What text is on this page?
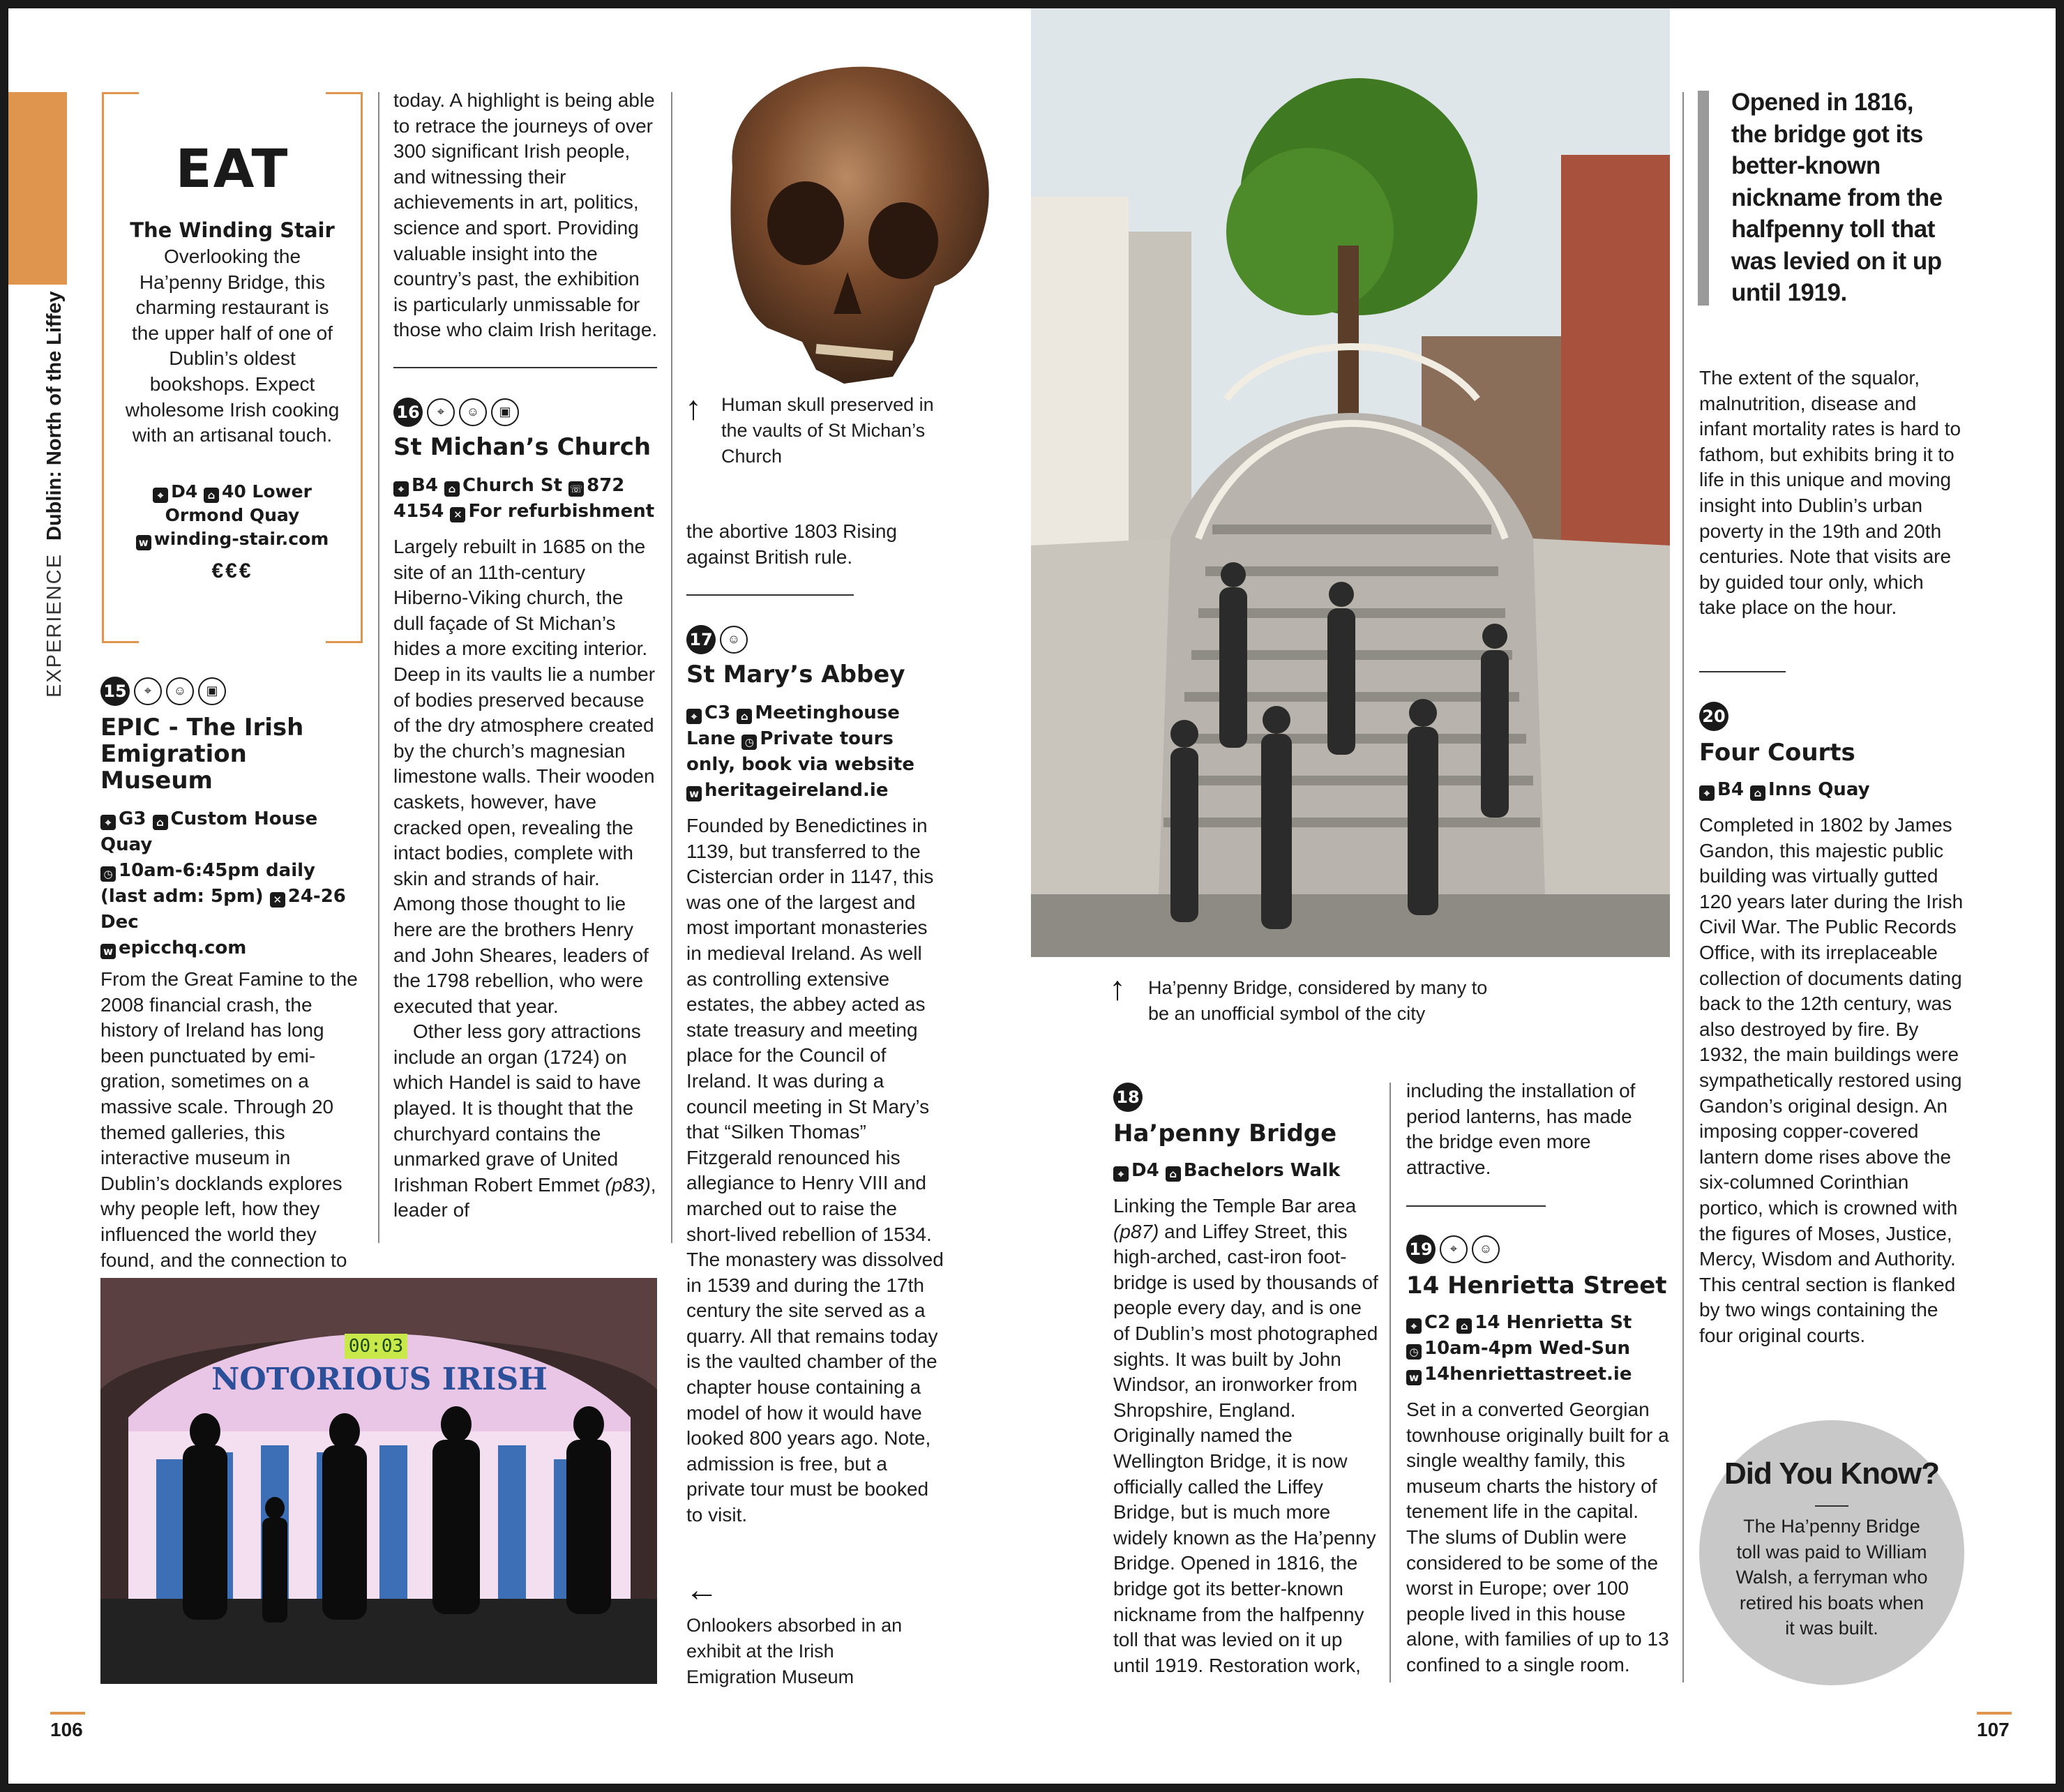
EXPERIENCE Dublin: North of the Liffey
EAT
The Winding Stair
Overlooking the Ha’penny Bridge, this charming restaurant is the upper half of one of Dublin’s oldest bookshops. Expect wholesome Irish cooking with an artisanal touch.
⌖ D4 ⌂ 40 Lower Ormond Quay
w winding-stair.com
€€€
15 ⌖ ☺ ▣
EPIC - The Irish Emigration Museum
⌖ G3 ⌂ Custom House Quay
◷ 10am-6:45pm daily (last adm: 5pm) ✕ 24-26 Dec
w epicchq.com
From the Great Famine to the 2008 financial crash, the history of Ireland has long been punctuated by emigration, sometimes on a massive scale. Through 20 themed galleries, this interactive museum in Dublin’s docklands explores why people left, how they influenced the world they found, and the connection to
today. A highlight is being able to retrace the journeys of over 300 significant Irish people, and witnessing their achievements in art, politics, science and sport. Providing valuable insight into the country’s past, the exhibition is particularly unmissable for those who claim Irish heritage.
16 ⌖ ☺ ▣
St Michan’s Church
⌖ B4 ⌂ Church St ☏ 872 4154 ✕ For refurbishment

Largely rebuilt in 1685 on the site of an 11th-century Hiberno-Viking church, the dull façade of St Michan’s hides a more exciting interior. Deep in its vaults lie a number of bodies preserved because of the dry atmosphere created by the church’s magnesian limestone walls. Their wooden caskets, however, have cracked open, revealing the intact bodies, complete with skin and strands of hair. Among those thought to lie here are the brothers Henry and John Sheares, leaders of the 1798 rebellion, who were executed that year.

Other less gory attractions include an organ (1724) on which Handel is said to have played. It is thought that the churchyard contains the unmarked grave of United Irishman Robert Emmet (p83), leader of

↑ Human skull preserved in the vaults of St Michan’s Church
the abortive 1803 Rising against British rule.
17 ☺
St Mary’s Abbey
⌖ C3 ⌂ Meetinghouse Lane ◷ Private tours only, book via website
w heritageireland.ie
Founded by Benedictines in 1139, but transferred to the Cistercian order in 1147, this was one of the largest and most important monasteries in medieval Ireland. As well as controlling extensive estates, the abbey acted as state treasury and meeting place for the Council of Ireland. It was during a council meeting in St Mary’s that “Silken Thomas” Fitzgerald renounced his allegiance to Henry VIII and marched out to raise the short-lived rebellion of 1534. The monastery was dissolved in 1539 and during the 17th century the site served as a quarry. All that remains today is the vaulted chamber of the chapter house containing a model of how it would have looked 800 years ago. Note, admission is free, but a private tour must be booked to visit.
00:03
NOTORIOUS IRISH
←
Onlookers absorbed in an exhibit at the Irish Emigration Museum
↑ Ha’penny Bridge, considered by many to be an unofficial symbol of the city
18
Ha’penny Bridge
⌖ D4 ⌂ Bachelors Walk
Linking the Temple Bar area (p87) and Liffey Street, this high-arched, cast-iron footbridge is used by thousands of people every day, and is one of Dublin’s most photographed sights. It was built by John Windsor, an ironworker from Shropshire, England. Originally named the Wellington Bridge, it is now officially called the Liffey Bridge, but is much more widely known as the Ha’penny Bridge. Opened in 1816, the bridge got its better-known nickname from the halfpenny toll that was levied on it up until 1919. Restoration work,
including the installation of period lanterns, has made the bridge even more attractive.
19 ⌖ ☺
14 Henrietta Street
⌖ C2 ⌂ 14 Henrietta St
◷ 10am-4pm Wed-Sun
w 14henriettastreet.ie
Set in a converted Georgian townhouse originally built for a single wealthy family, this museum charts the history of tenement life in the capital. The slums of Dublin were considered to be some of the worst in Europe; over 100 people lived in this house alone, with families of up to 13 confined to a single room.
Opened in 1816, the bridge got its better-known nickname from the halfpenny toll that was levied on it up until 1919.
The extent of the squalor, malnutrition, disease and infant mortality rates is hard to fathom, but exhibits bring it to life in this unique and moving insight into Dublin’s urban poverty in the 19th and 20th centuries. Note that visits are by guided tour only, which take place on the hour.
20
Four Courts
⌖ B4 ⌂ Inns Quay
Completed in 1802 by James Gandon, this majestic public building was virtually gutted 120 years later during the Irish Civil War. The Public Records Office, with its irreplaceable collection of documents dating back to the 12th century, was also destroyed by fire. By 1932, the main buildings were sympathetically restored using Gandon’s original design. An imposing copper-covered lantern dome rises above the six-columned Corinthian portico, which is crowned with the figures of Moses, Justice, Mercy, Wisdom and Authority. This central section is flanked by two wings containing the four original courts.
Did You Know?
The Ha’penny Bridge toll was paid to William Walsh, a ferryman who retired his boats when it was built.
106	107
